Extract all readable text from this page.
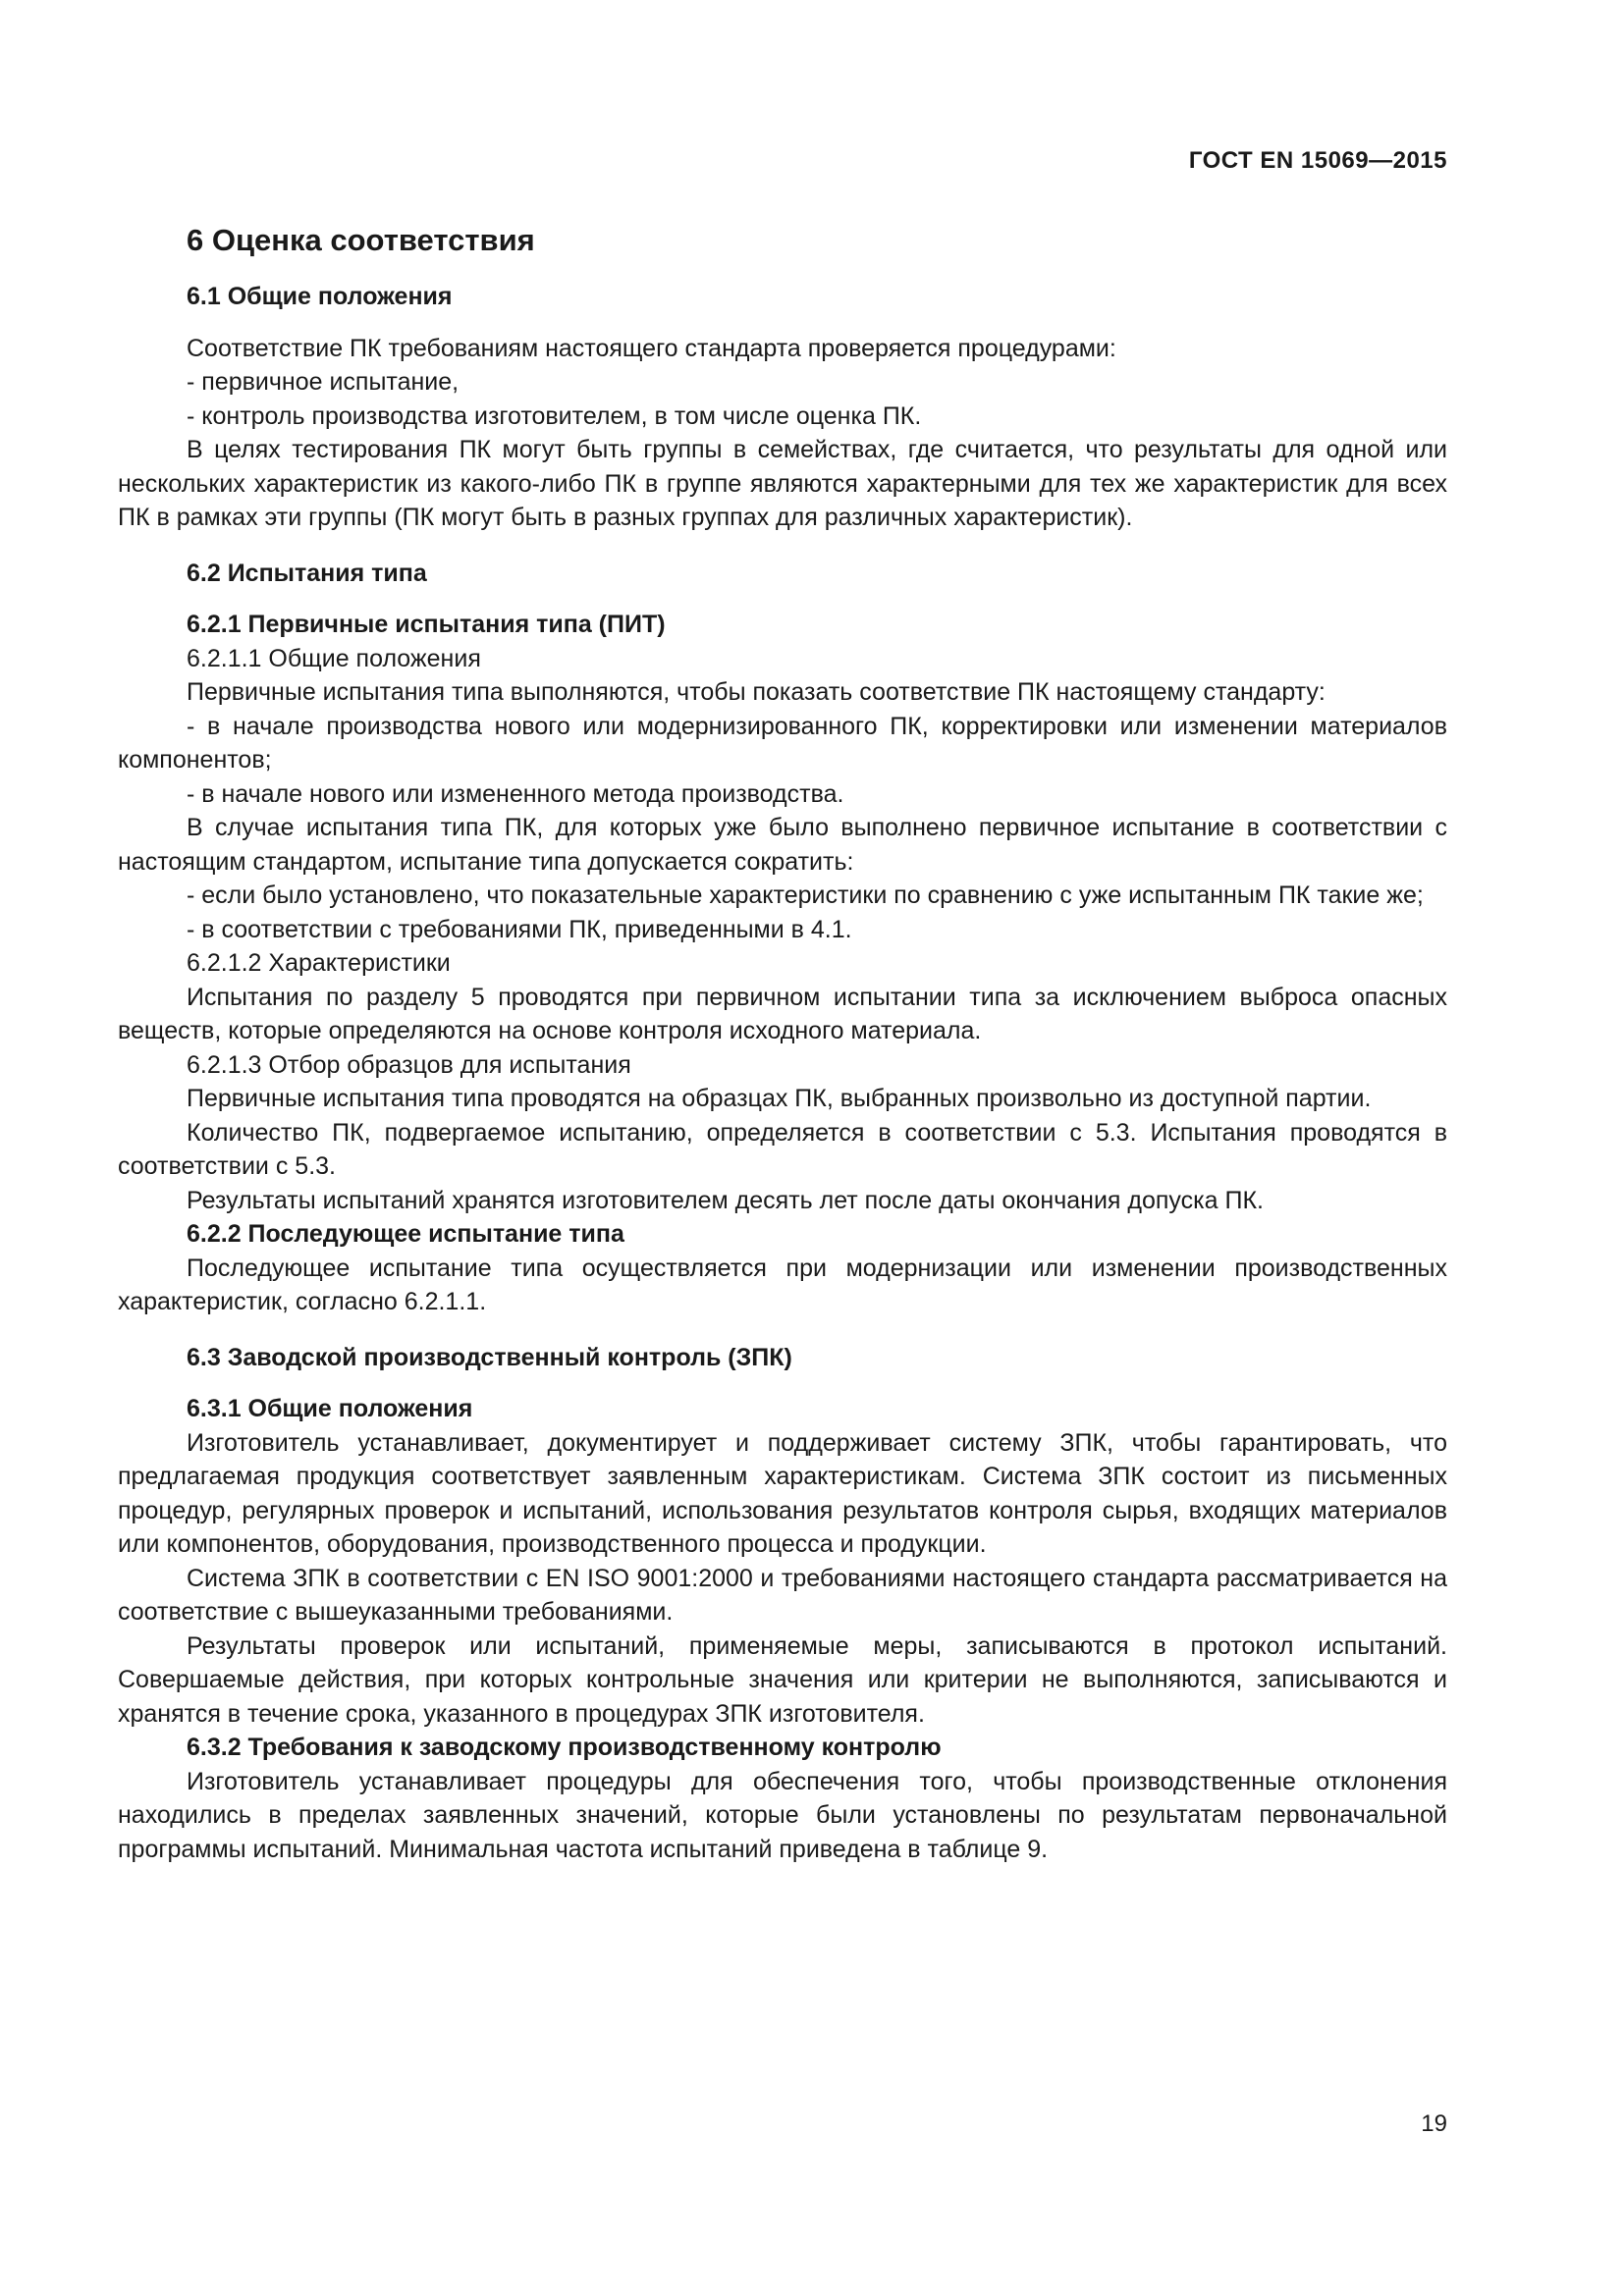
ГОСТ EN 15069—2015
6 Оценка соответствия
6.1 Общие положения

Соответствие ПК требованиям настоящего стандарта проверяется процедурами:

- первичное испытание,

- контроль производства изготовителем, в том числе оценка ПК.

В целях тестирования ПК могут быть группы в семействах, где считается, что результаты для одной или нескольких характеристик из какого-либо ПК в группе являются характерными для тех же характеристик для всех ПК в рамках эти группы (ПК могут быть в разных группах для различных характеристик).

6.2 Испытания типа
6.2.1 Первичные испытания типа (ПИТ)

6.2.1.1 Общие положения

Первичные испытания типа выполняются, чтобы показать соответствие ПК настоящему стандарту:

- в начале производства нового или модернизированного ПК, корректировки или изменении материалов компонентов;

- в начале нового или измененного метода производства.

В случае испытания типа ПК, для которых уже было выполнено первичное испытание в соответствии с настоящим стандартом, испытание типа допускается сократить:

- если было установлено, что показательные характеристики по сравнению с уже испытанным ПК такие же;

- в соответствии с требованиями ПК, приведенными в 4.1.

6.2.1.2 Характеристики

Испытания по разделу 5 проводятся при первичном испытании типа за исключением выброса опасных веществ, которые определяются на основе контроля исходного материала.

6.2.1.3 Отбор образцов для испытания

Первичные испытания типа проводятся на образцах ПК, выбранных произвольно из доступной партии.

Количество ПК, подвергаемое испытанию, определяется в соответствии с 5.3. Испытания проводятся в соответствии с 5.3.

Результаты испытаний хранятся изготовителем десять лет после даты окончания допуска ПК.

6.2.2 Последующее испытание типа

Последующее испытание типа осуществляется при модернизации или изменении производственных характеристик, согласно 6.2.1.1.

6.3 Заводской производственный контроль (ЗПК)
6.3.1 Общие положения

Изготовитель устанавливает, документирует и поддерживает систему ЗПК, чтобы гарантировать, что предлагаемая продукция соответствует заявленным характеристикам. Система ЗПК состоит из письменных процедур, регулярных проверок и испытаний, использования результатов контроля сырья, входящих материалов или компонентов, оборудования, производственного процесса и продукции.

Система ЗПК в соответствии с EN ISO 9001:2000 и требованиями настоящего стандарта рассматривается на соответствие с вышеуказанными требованиями.

Результаты проверок или испытаний, применяемые меры, записываются в протокол испытаний. Совершаемые действия, при которых контрольные значения или критерии не выполняются, записываются и хранятся в течение срока, указанного в процедурах ЗПК изготовителя.

6.3.2 Требования к заводскому производственному контролю

Изготовитель устанавливает процедуры для обеспечения того, чтобы производственные отклонения находились в пределах заявленных значений, которые были установлены по результатам первоначальной программы испытаний. Минимальная частота испытаний приведена в таблице 9.

19
